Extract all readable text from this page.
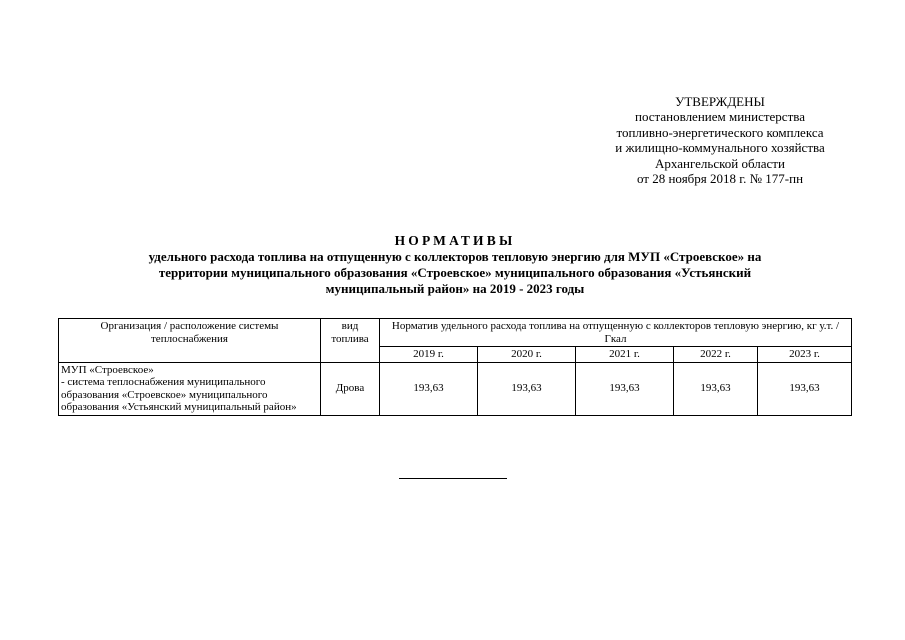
УТВЕРЖДЕНЫ
постановлением министерства
топливно-энергетического комплекса
и жилищно-коммунального хозяйства
Архангельской области
от 28 ноября 2018 г. № 177-пн
НОРМАТИВЫ
удельного расхода топлива на отпущенную с коллекторов тепловую энергию для МУП «Строевское» на
территории муниципального образования «Строевское» муниципального образования «Устьянский
муниципальный район» на 2019 - 2023 годы
Организация / расположение системы теплоснабжения	вид топлива	Норматив удельного расхода топлива на отпущенную с коллекторов тепловую энергию, кг у.т. /Гкал				
		2019 г.	2020 г.	2021 г.	2022 г.	2023 г.

МУП «Строевское»
- система теплоснабжения муниципального образования «Строевское» муниципального образования «Устьянский муниципальный район»	Дрова	193,63	193,63	193,63	193,63	193,63
